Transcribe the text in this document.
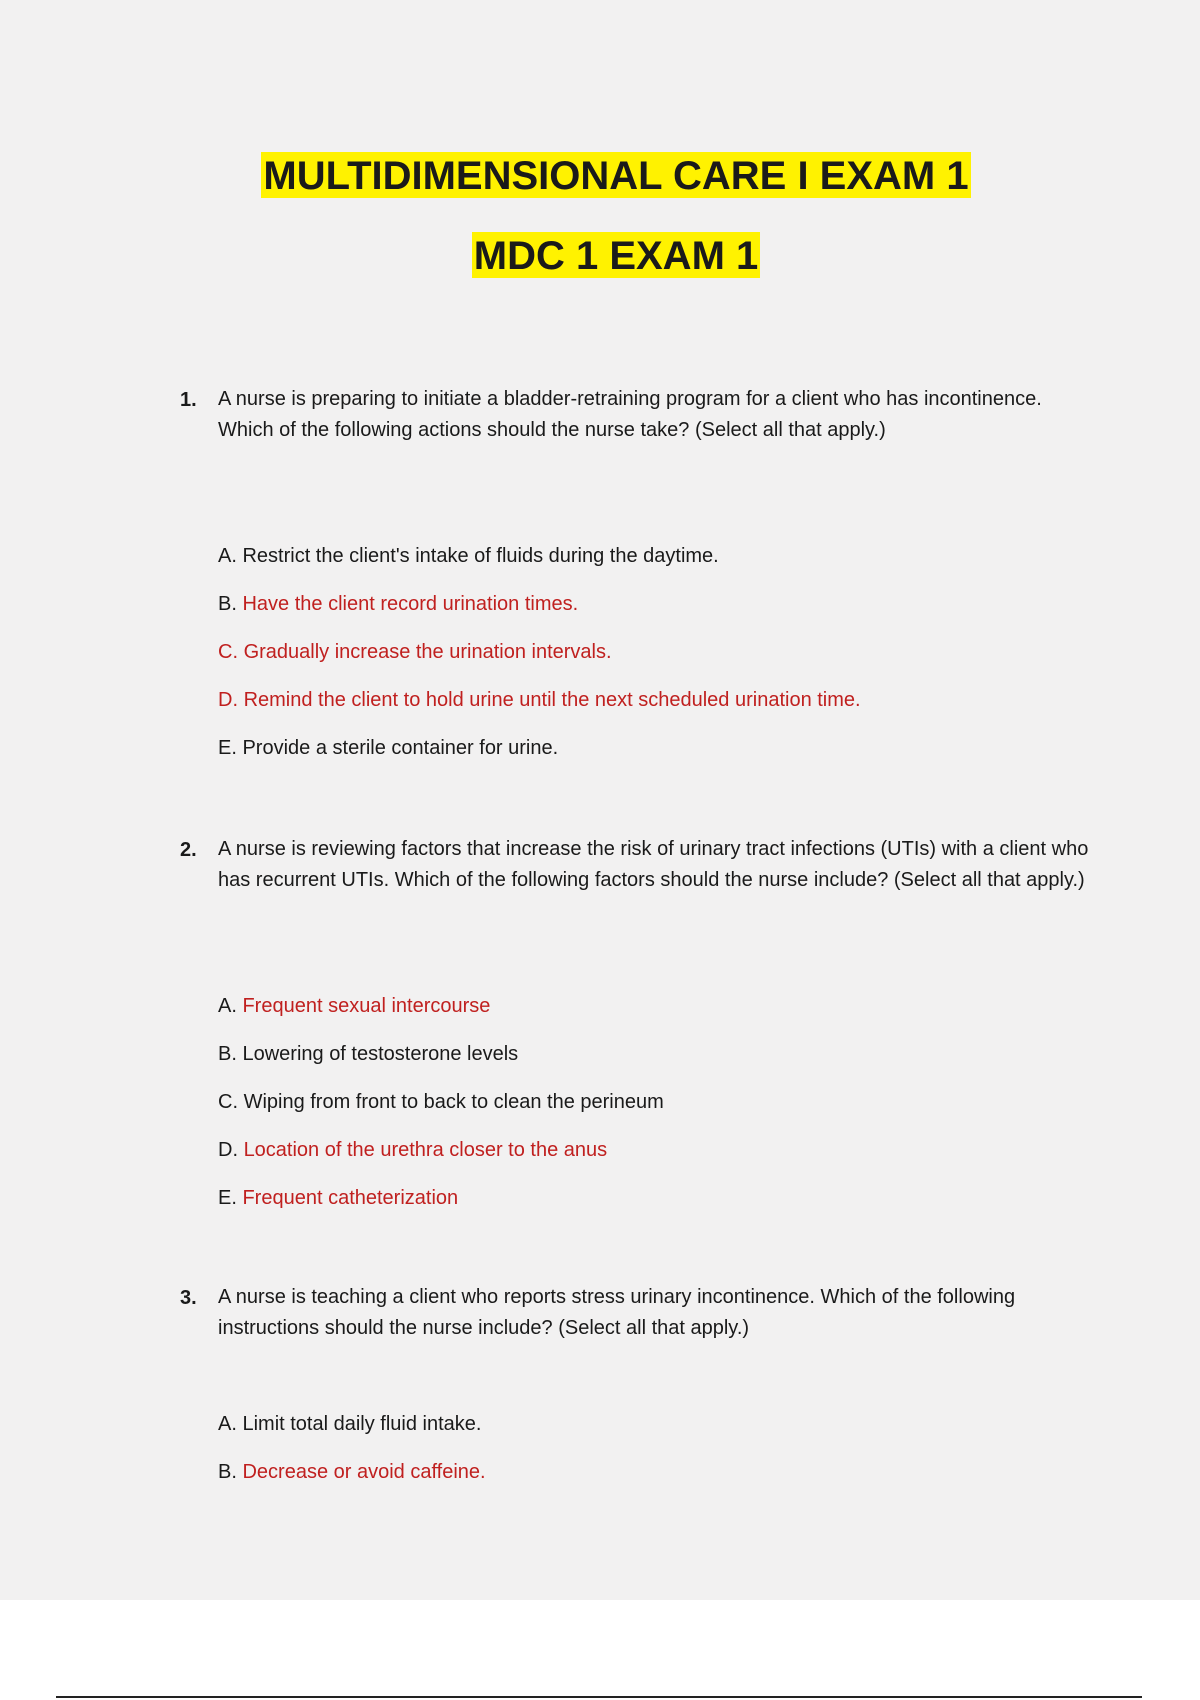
MULTIDIMENSIONAL CARE I EXAM 1
MDC 1 EXAM 1
1. A nurse is preparing to initiate a bladder-retraining program for a client who has incontinence. Which of the following actions should the nurse take? (Select all that apply.)

A. Restrict the client's intake of fluids during the daytime.
B. Have the client record urination times.
C. Gradually increase the urination intervals.
D. Remind the client to hold urine until the next scheduled urination time.
E. Provide a sterile container for urine.
2. A nurse is reviewing factors that increase the risk of urinary tract infections (UTIs) with a client who has recurrent UTIs. Which of the following factors should the nurse include? (Select all that apply.)

A. Frequent sexual intercourse
B. Lowering of testosterone levels
C. Wiping from front to back to clean the perineum
D. Location of the urethra closer to the anus
E. Frequent catheterization
3. A nurse is teaching a client who reports stress urinary incontinence. Which of the following instructions should the nurse include? (Select all that apply.)

A. Limit total daily fluid intake.
B. Decrease or avoid caffeine.
